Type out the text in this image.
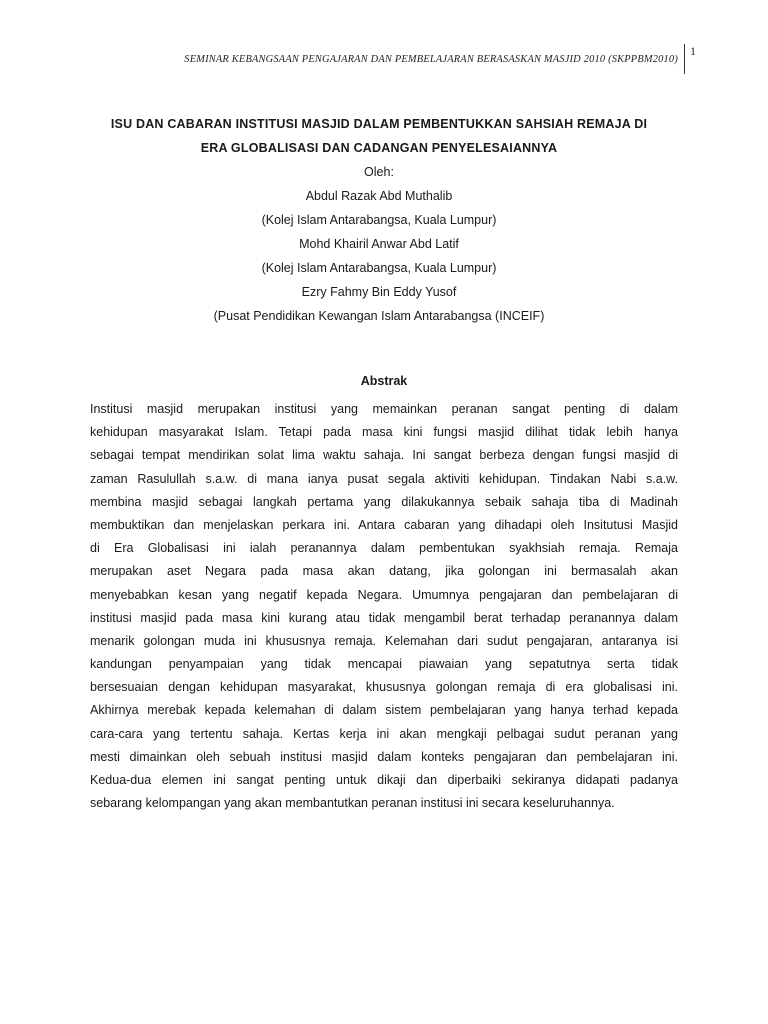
SEMINAR KEBANGSAAN PENGAJARAN DAN PEMBELAJARAN BERASASKAN MASJID 2010 (SKPPBM2010)
1
ISU DAN CABARAN INSTITUSI MASJID DALAM PEMBENTUKKAN SAHSIAH REMAJA DI
ERA GLOBALISASI DAN CADANGAN PENYELESAIANNYA
Oleh:
Abdul Razak Abd Muthalib
(Kolej Islam Antarabangsa, Kuala Lumpur)
Mohd Khairil Anwar Abd Latif
(Kolej Islam Antarabangsa, Kuala Lumpur)
Ezry Fahmy Bin Eddy Yusof
(Pusat Pendidikan Kewangan Islam Antarabangsa (INCEIF)
Abstrak
Institusi masjid merupakan institusi yang memainkan peranan sangat penting di dalam
kehidupan masyarakat Islam. Tetapi pada masa kini fungsi masjid dilihat tidak lebih hanya
sebagai tempat mendirikan solat lima waktu sahaja. Ini sangat berbeza dengan fungsi masjid di
zaman Rasulullah s.a.w. di mana ianya pusat segala aktiviti kehidupan. Tindakan Nabi s.a.w.
membina masjid sebagai langkah pertama yang dilakukannya sebaik sahaja tiba di Madinah
membuktikan dan menjelaskan perkara ini. Antara cabaran yang dihadapi oleh Insitutusi Masjid
di Era Globalisasi ini ialah peranannya dalam pembentukan syakhsiah remaja. Remaja
merupakan aset Negara pada masa akan datang, jika golongan ini bermasalah akan
menyebabkan kesan yang negatif kepada Negara. Umumnya pengajaran dan pembelajaran di
institusi masjid pada masa kini kurang atau tidak mengambil berat terhadap peranannya dalam
menarik golongan muda ini khususnya remaja. Kelemahan dari sudut pengajaran, antaranya isi
kandungan penyampaian yang tidak mencapai piawaian yang sepatutnya serta tidak
bersesuaian dengan kehidupan masyarakat, khususnya golongan remaja di era globalisasi ini.
Akhirnya merebak kepada kelemahan di dalam sistem pembelajaran yang hanya terhad kepada
cara-cara yang tertentu sahaja. Kertas kerja ini akan mengkaji pelbagai sudut peranan yang
mesti dimainkan oleh sebuah institusi masjid dalam konteks pengajaran dan pembelajaran ini.
Kedua-dua elemen ini sangat penting untuk dikaji dan diperbaiki sekiranya didapati padanya
sebarang kelompangan yang akan membantutkan peranan institusi ini secara keseluruhannya.
